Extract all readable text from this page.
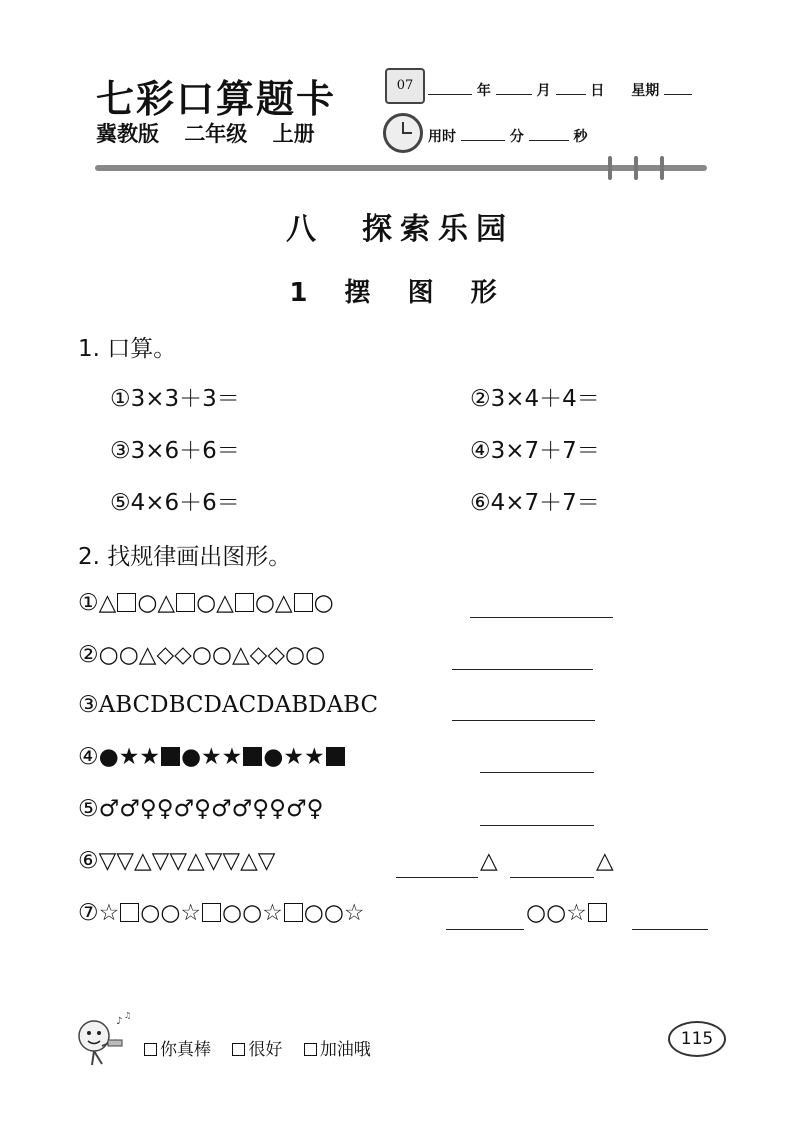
七彩口算题卡
冀教版 二年级 上册
07	年	月	日 星期
用时	分	秒
八　探索乐园
1 摆 图 形
1. 口算。
①3×3＋3＝	②3×4＋4＝
③3×6＋6＝	④3×7＋7＝
⑤4×6＋6＝	⑥4×7＋7＝
2. 找规律画出图形。
①△ ○△ ○△ ○△ ○
②○○△◇◇○○△◇◇○○
③ABCDBCDACDABDABC
④●★★ ●★★ ●★★
⑤♂♂♀♀♂♀♂♂♀♀♂♀
⑥▽▽△▽▽△▽▽△▽	△	△
⑦☆ ○○☆ ○○☆ ○○☆	○○☆
♪
♫
你真棒 很好 加油哦
115
